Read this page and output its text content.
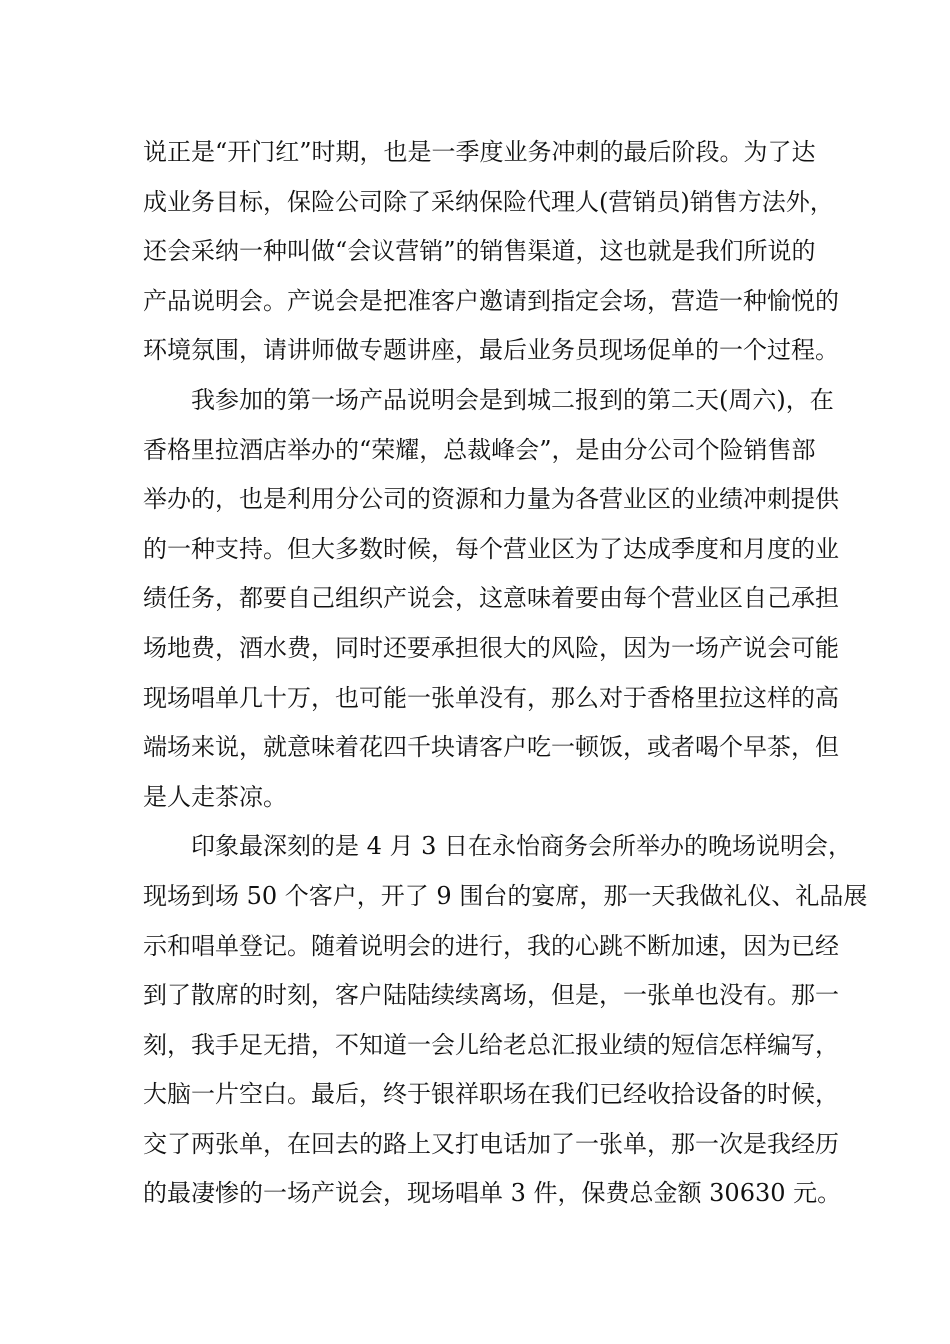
说正是“开门红”时期，也是一季度业务冲刺的最后阶段。为了达
成业务目标，保险公司除了采纳保险代理人(营销员)销售方法外，
还会采纳一种叫做“会议营销”的销售渠道，这也就是我们所说的
产品说明会。产说会是把准客户邀请到指定会场，营造一种愉悦的
环境氛围，请讲师做专题讲座，最后业务员现场促单的一个过程。
　　我参加的第一场产品说明会是到城二报到的第二天(周六)，在
香格里拉酒店举办的“荣耀，总裁峰会”，是由分公司个险销售部
举办的，也是利用分公司的资源和力量为各营业区的业绩冲刺提供
的一种支持。但大多数时候，每个营业区为了达成季度和月度的业
绩任务，都要自己组织产说会，这意味着要由每个营业区自己承担
场地费，酒水费，同时还要承担很大的风险，因为一场产说会可能
现场唱单几十万，也可能一张单没有，那么对于香格里拉这样的高
端场来说，就意味着花四千块请客户吃一顿饭，或者喝个早茶，但
是人走茶凉。
　　印象最深刻的是 4 月 3 日在永怡商务会所举办的晚场说明会，
现场到场 50 个客户，开了 9 围台的宴席，那一天我做礼仪、礼品展
示和唱单登记。随着说明会的进行，我的心跳不断加速，因为已经
到了散席的时刻，客户陆陆续续离场，但是，一张单也没有。那一
刻，我手足无措，不知道一会儿给老总汇报业绩的短信怎样编写，
大脑一片空白。最后，终于银祥职场在我们已经收拾设备的时候，
交了两张单，在回去的路上又打电话加了一张单，那一次是我经历
的最凄惨的一场产说会，现场唱单 3 件，保费总金额 30630 元。
